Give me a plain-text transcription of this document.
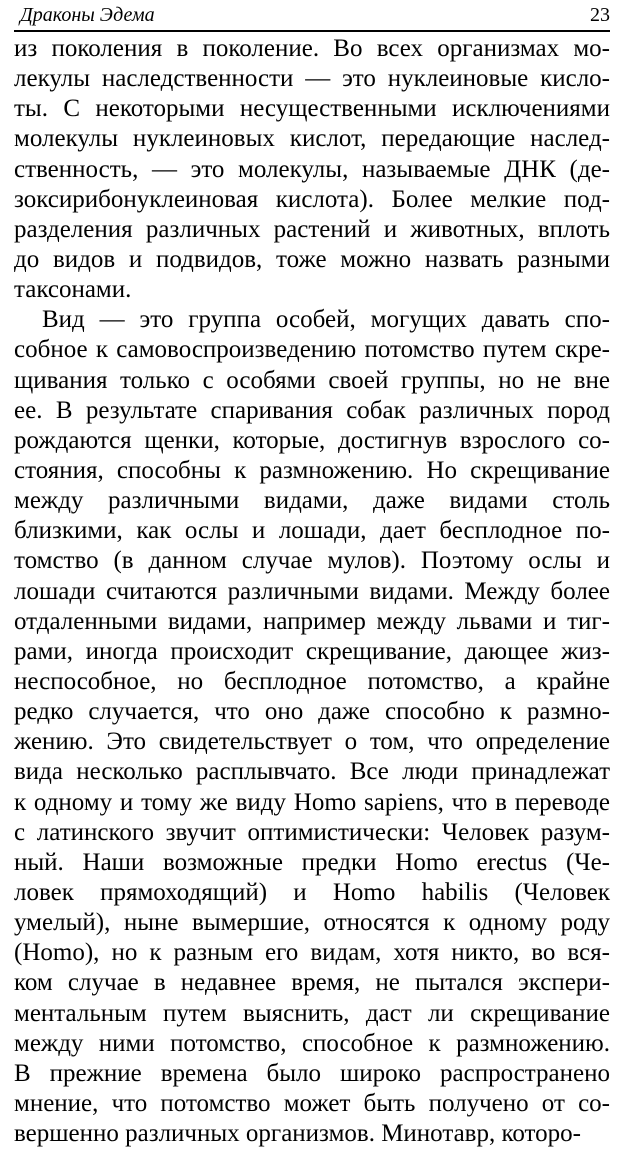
Драконы Эдема	23
из поколения в поколение. Во всех организмах мо-
лекулы наследственности — это нуклеиновые кисло-
ты. С некоторыми несущественными исключениями
молекулы нуклеиновых кислот, передающие наслед-
ственность, — это молекулы, называемые ДНК (де-
зоксирибонуклеиновая кислота). Более мелкие под-
разделения различных растений и животных, вплоть
до видов и подвидов, тоже можно назвать разными
таксонами.
Вид — это группа особей, могущих давать спо-
собное к самовоспроизведению потомство путем скре-
щивания только с особями своей группы, но не вне
ее. В результате спаривания собак различных пород
рождаются щенки, которые, достигнув взрослого со-
стояния, способны к размножению. Но скрещивание
между различными видами, даже видами столь
близкими, как ослы и лошади, дает бесплодное по-
томство (в данном случае мулов). Поэтому ослы и
лошади считаются различными видами. Между более
отдаленными видами, например между львами и тиг-
рами, иногда происходит скрещивание, дающее жиз-
неспособное, но бесплодное потомство, а крайне
редко случается, что оно даже способно к размно-
жению. Это свидетельствует о том, что определение
вида несколько расплывчато. Все люди принадлежат
к одному и тому же виду Homo sapiens, что в переводе
с латинского звучит оптимистически: Человек разум-
ный. Наши возможные предки Homo erectus (Че-
ловек прямоходящий) и Homo habilis (Человек
умелый), ныне вымершие, относятся к одному роду
(Homo), но к разным его видам, хотя никто, во вся-
ком случае в недавнее время, не пытался экспери-
ментальным путем выяснить, даст ли скрещивание
между ними потомство, способное к размножению.
В прежние времена было широко распространено
мнение, что потомство может быть получено от со-
вершенно различных организмов. Минотавр, которо-
